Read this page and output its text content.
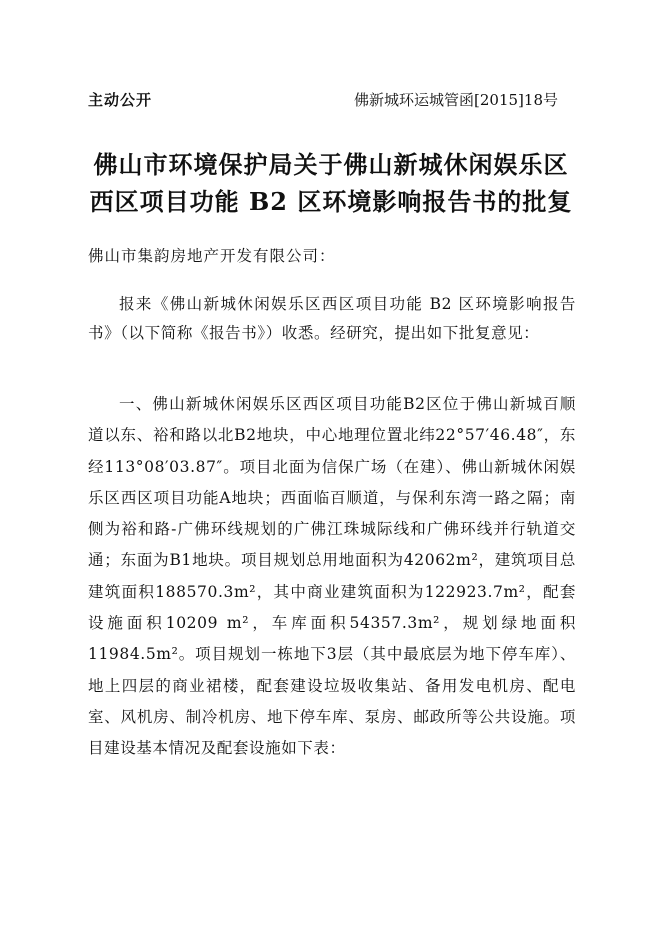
主动公开	佛新城环运城管函[2015]18号
佛山市环境保护局关于佛山新城休闲娱乐区
西区项目功能 B2 区环境影响报告书的批复
佛山市集韵房地产开发有限公司：
报来《佛山新城休闲娱乐区西区项目功能 B2 区环境影响报告书》（以下简称《报告书》）收悉。经研究，提出如下批复意见：
一、佛山新城休闲娱乐区西区项目功能B2区位于佛山新城百顺道以东、裕和路以北B2地块，中心地理位置北纬22°57′46.48″，东经113°08′03.87″。项目北面为信保广场（在建）、佛山新城休闲娱乐区西区项目功能A地块；西面临百顺道，与保利东湾一路之隔；南侧为裕和路-广佛环线规划的广佛江珠城际线和广佛环线并行轨道交通；东面为B1地块。项目规划总用地面积为42062m²，建筑项目总建筑面积188570.3m²，其中商业建筑面积为122923.7m²，配套设施面积10209 m²，车库面积54357.3m²，规划绿地面积11984.5m²。项目规划一栋地下3层（其中最底层为地下停车库）、地上四层的商业裙楼，配套建设垃圾收集站、备用发电机房、配电室、风机房、制冷机房、地下停车库、泵房、邮政所等公共设施。项目建设基本情况及配套设施如下表：
